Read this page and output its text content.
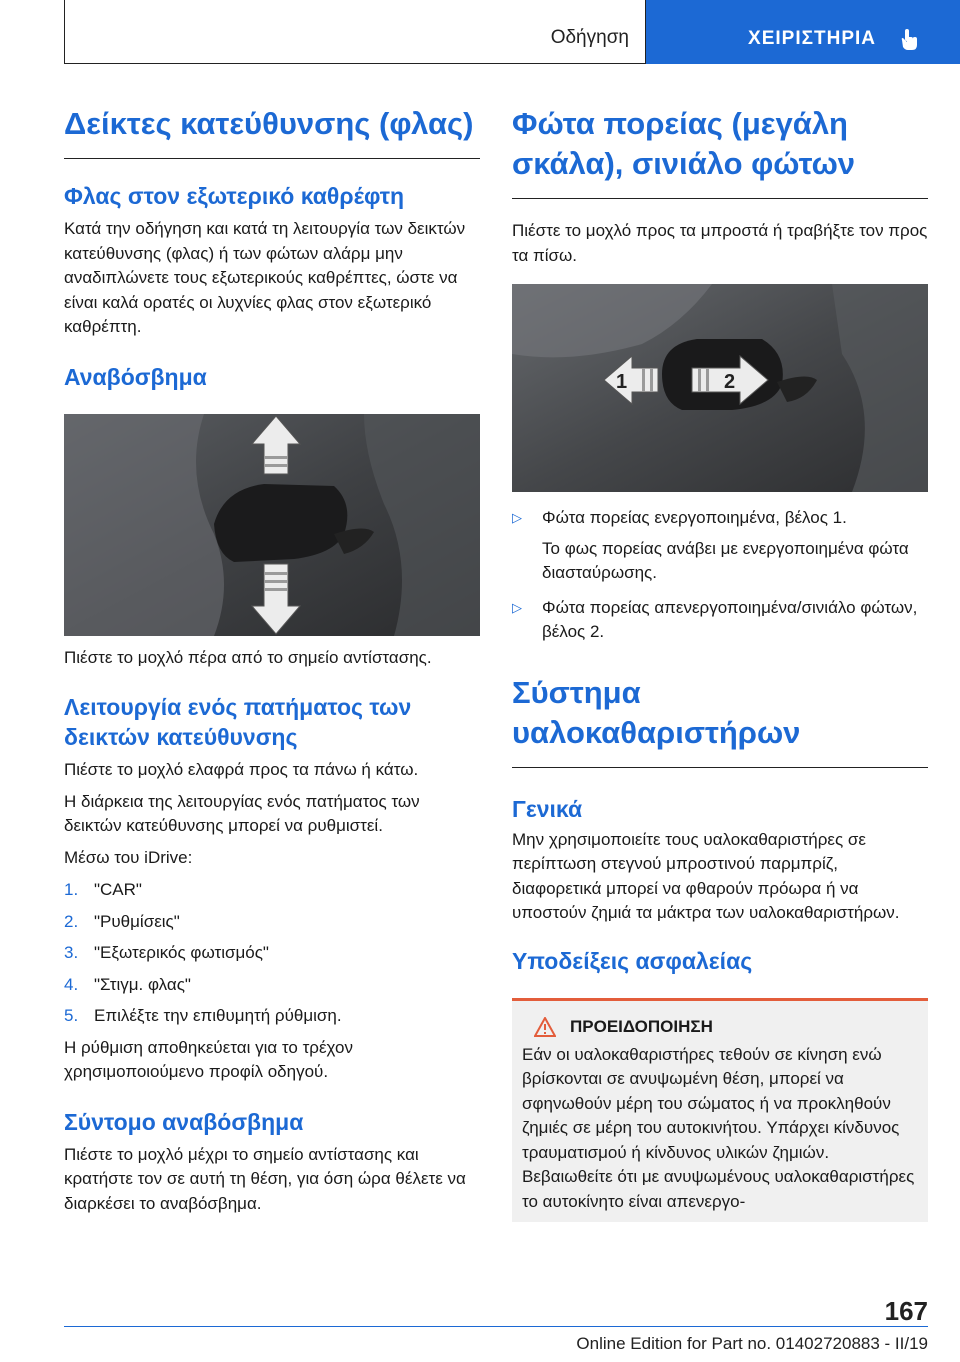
Οδήγηση	ΧΕΙΡΙΣΤΗΡΙΑ
Δείκτες κατεύθυνσης (φλας)
Φλας στον εξωτερικό καθρέφτη

Κατά την οδήγηση και κατά τη λειτουργία των δεικτών κατεύθυνσης (φλας) ή των φώτων αλάρμ μην αναδιπλώνετε τους εξωτερικούς καθρέπτες, ώστε να είναι καλά ορατές οι λυχνίες φλας στον εξωτερικό καθρέπτη.

Αναβόσβημα

Πιέστε το μοχλό πέρα από το σημείο αντίστασης.

Λειτουργία ενός πατήματος των δεικτών κατεύθυνσης

Πιέστε το μοχλό ελαφρά προς τα πάνω ή κάτω.

Η διάρκεια της λειτουργίας ενός πατήματος των δεικτών κατεύθυνσης μπορεί να ρυθμιστεί.

Μέσω του iDrive:

1. "CAR"
2. "Ρυθμίσεις"
3. "Εξωτερικός φωτισμός"
4. "Στιγμ. φλας"
5. Επιλέξτε την επιθυμητή ρύθμιση.

Η ρύθμιση αποθηκεύεται για το τρέχον χρησιμοποιούμενο προφίλ οδηγού.

Σύντομο αναβόσβημα

Πιέστε το μοχλό μέχρι το σημείο αντίστασης και κρατήστε τον σε αυτή τη θέση, για όση ώρα θέλετε να διαρκέσει το αναβόσβημα.

Φώτα πορείας (μεγάλη σκάλα), σινιάλο φώτων

Πιέστε το μοχλό προς τα μπροστά ή τραβήξτε τον προς τα πίσω.

1	2
▷	Φώτα πορείας ενεργοποιημένα, βέλος 1.
Το φως πορείας ανάβει με ενεργοποιημένα φώτα διασταύρωσης.
▷	Φώτα πορείας απενεργοποιημένα/σινιάλο φώτων, βέλος 2.
Σύστημα υαλοκαθαριστήρων
Γενικά

Μην χρησιμοποιείτε τους υαλοκαθαριστήρες σε περίπτωση στεγνού μπροστινού παρμπρίζ, διαφορετικά μπορεί να φθαρούν πρόωρα ή να υποστούν ζημιά τα μάκτρα των υαλοκαθαριστήρων.

Υποδείξεις ασφαλείας
ΠΡΟΕΙΔΟΠΟΙΗΣΗ

Εάν οι υαλοκαθαριστήρες τεθούν σε κίνηση ενώ βρίσκονται σε ανυψωμένη θέση, μπορεί να σφηνωθούν μέρη του σώματος ή να προκληθούν ζημιές σε μέρη του αυτοκινήτου. Υπάρχει κίνδυνος τραυματισμού ή κίνδυνος υλικών ζημιών. Βεβαιωθείτε ότι με ανυψωμένους υαλοκαθαριστήρες το αυτοκίνητο είναι απενεργο-

167
Online Edition for Part no. 01402720883 - II/19
